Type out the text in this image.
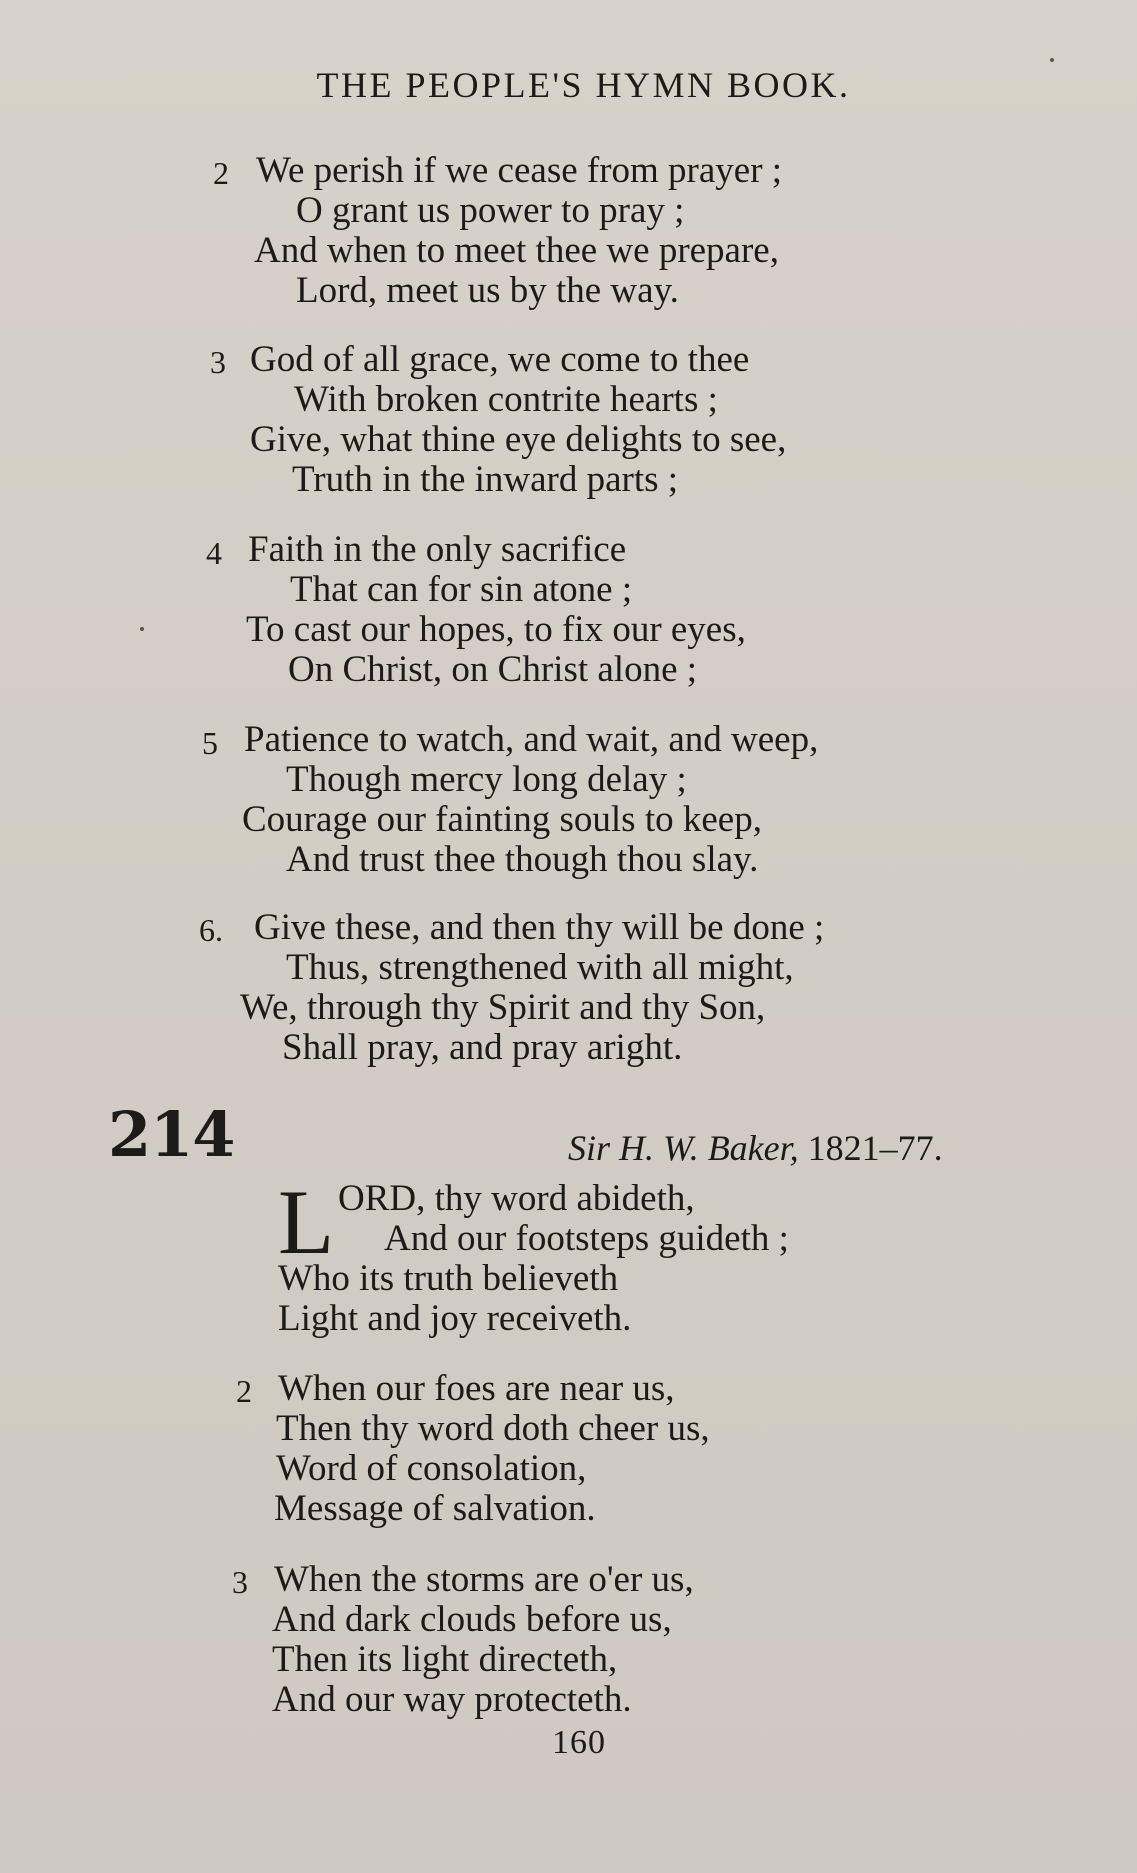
THE PEOPLE'S HYMN BOOK.
2 We perish if we cease from prayer ;
O grant us power to pray ;
And when to meet thee we prepare,
Lord, meet us by the way.
3 God of all grace, we come to thee
With broken contrite hearts ;
Give, what thine eye delights to see,
Truth in the inward parts ;
4 Faith in the only sacrifice
That can for sin atone ;
To cast our hopes, to fix our eyes,
On Christ, on Christ alone ;
5 Patience to watch, and wait, and weep,
Though mercy long delay ;
Courage our fainting souls to keep,
And trust thee though thou slay.
6. Give these, and then thy will be done ;
Thus, strengthened with all might,
We, through thy Spirit and thy Son,
Shall pray, and pray aright.
214	Sir H. W. Baker, 1821–77.
L ORD, thy word abideth,
And our footsteps guideth ;
Who its truth believeth
Light and joy receiveth.
2 When our foes are near us,
Then thy word doth cheer us,
Word of consolation,
Message of salvation.
3 When the storms are o'er us,
And dark clouds before us,
Then its light directeth,
And our way protecteth.
160
